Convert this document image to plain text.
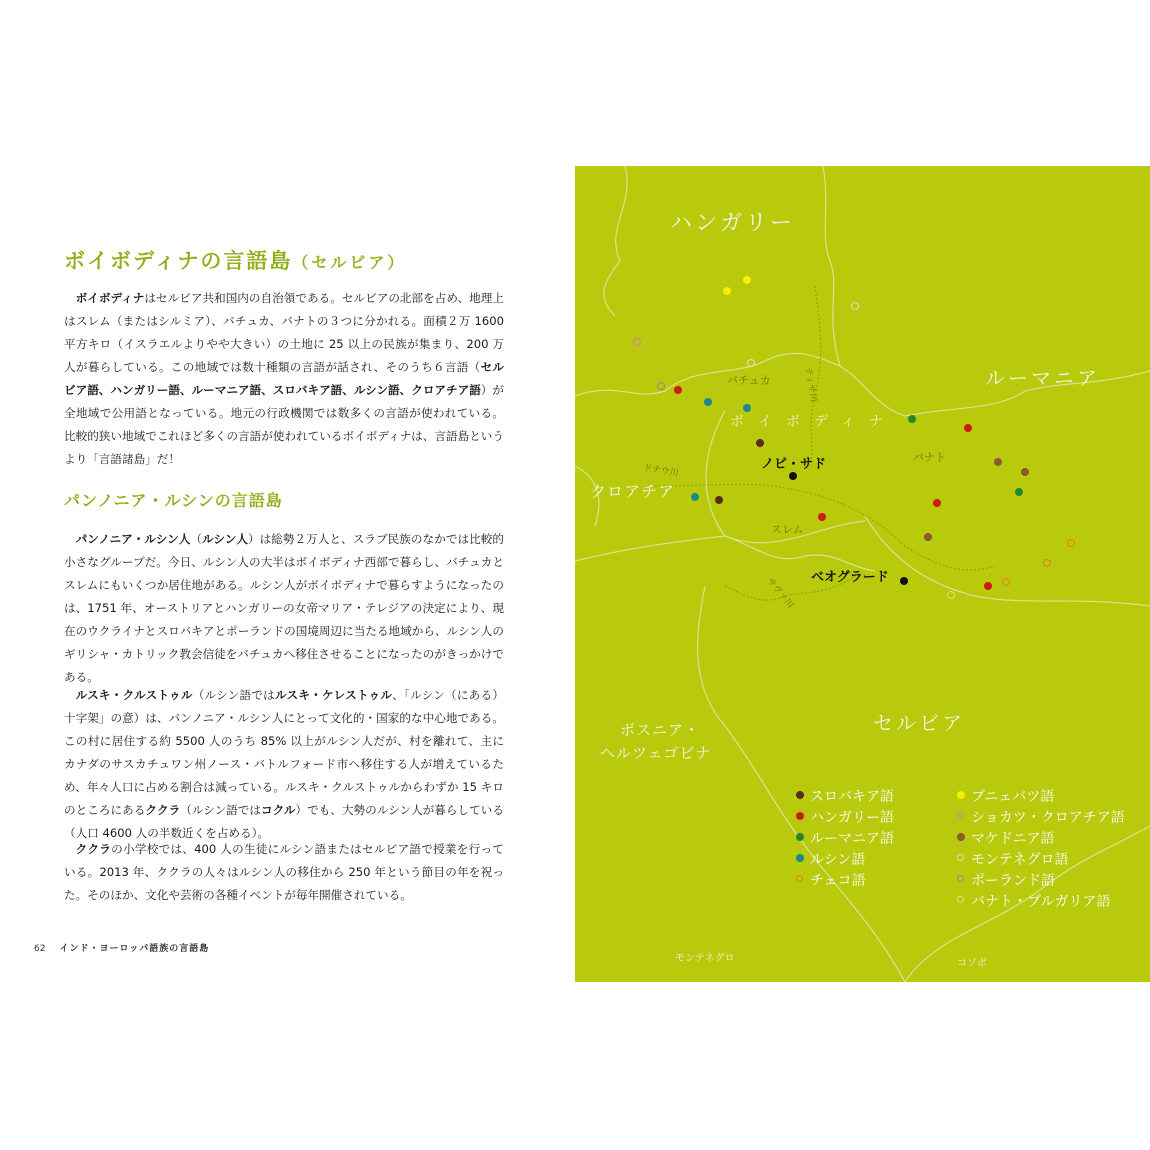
ボイボディナの言語島（セルビア）

ボイボディナはセルビア共和国内の自治領である。セルビアの北部を占め、地理上はスレム（またはシルミア）、バチュカ、バナトの３つに分かれる。面積２万 1600 平方キロ（イスラエルよりやや大きい）の土地に 25 以上の民族が集まり、200 万人が暮らしている。この地域では数十種類の言語が話され、そのうち６言語（セルビア語、ハンガリー語、ルーマニア語、スロバキア語、ルシン語、クロアチア語）が全地域で公用語となっている。地元の行政機関では数多くの言語が使われている。比較的狭い地域でこれほど多くの言語が使われているボイボディナは、言語島というより「言語諸島」だ！

パンノニア・ルシンの言語島

パンノニア・ルシン人（ルシン人）は総勢２万人と、スラブ民族のなかでは比較的小さなグループだ。今日、ルシン人の大半はボイボディナ西部で暮らし、バチュカとスレムにもいくつか居住地がある。ルシン人がボイボディナで暮らすようになったのは、1751 年、オーストリアとハンガリーの女帝マリア・テレジアの決定により、現在のウクライナとスロバキアとポーランドの国境周辺に当たる地域から、ルシン人のギリシャ・カトリック教会信徒をバチュカへ移住させることになったのがきっかけである。

ルスキ・クルストゥル（ルシン語ではルスキ・ケレストゥル、「ルシン（にある）十字架」の意）は、パンノニア・ルシン人にとって文化的・国家的な中心地である。この村に居住する約 5500 人のうち 85% 以上がルシン人だが、村を離れて、主にカナダのサスカチュワン州ノース・バトルフォード市へ移住する人が増えているため、年々人口に占める割合は減っている。ルスキ・クルストゥルからわずか 15 キロのところにあるククラ（ルシン語ではコクル）でも、大勢のルシン人が暮らしている（人口 4600 人の半数近くを占める）。

ククラの小学校では、400 人の生徒にルシン語またはセルビア語で授業を行っている。2013 年、ククラの人々はルシン人の移住から 250 年という節目の年を祝った。そのほか、文化や芸術の各種イベントが毎年開催されている。

62 インド・ヨーロッパ語族の言語島
ハンガリー
ルーマニア
クロアチア
セルビア
ボスニア・
ヘルツェゴビナ
モンテネグロ	コソボ
ボイボディナ
バチュカ
バナト
スレム
ティサ川
ドナウ川
サヴァ川
ノビ・サド
ベオグラード
スロバキア語
ハンガリー語
ルーマニア語
ルシン語
チェコ語
ブニェバツ語
ショカツ・クロアチア語
マケドニア語
モンテネグロ語
ポーランド語
バナト・ブルガリア語
